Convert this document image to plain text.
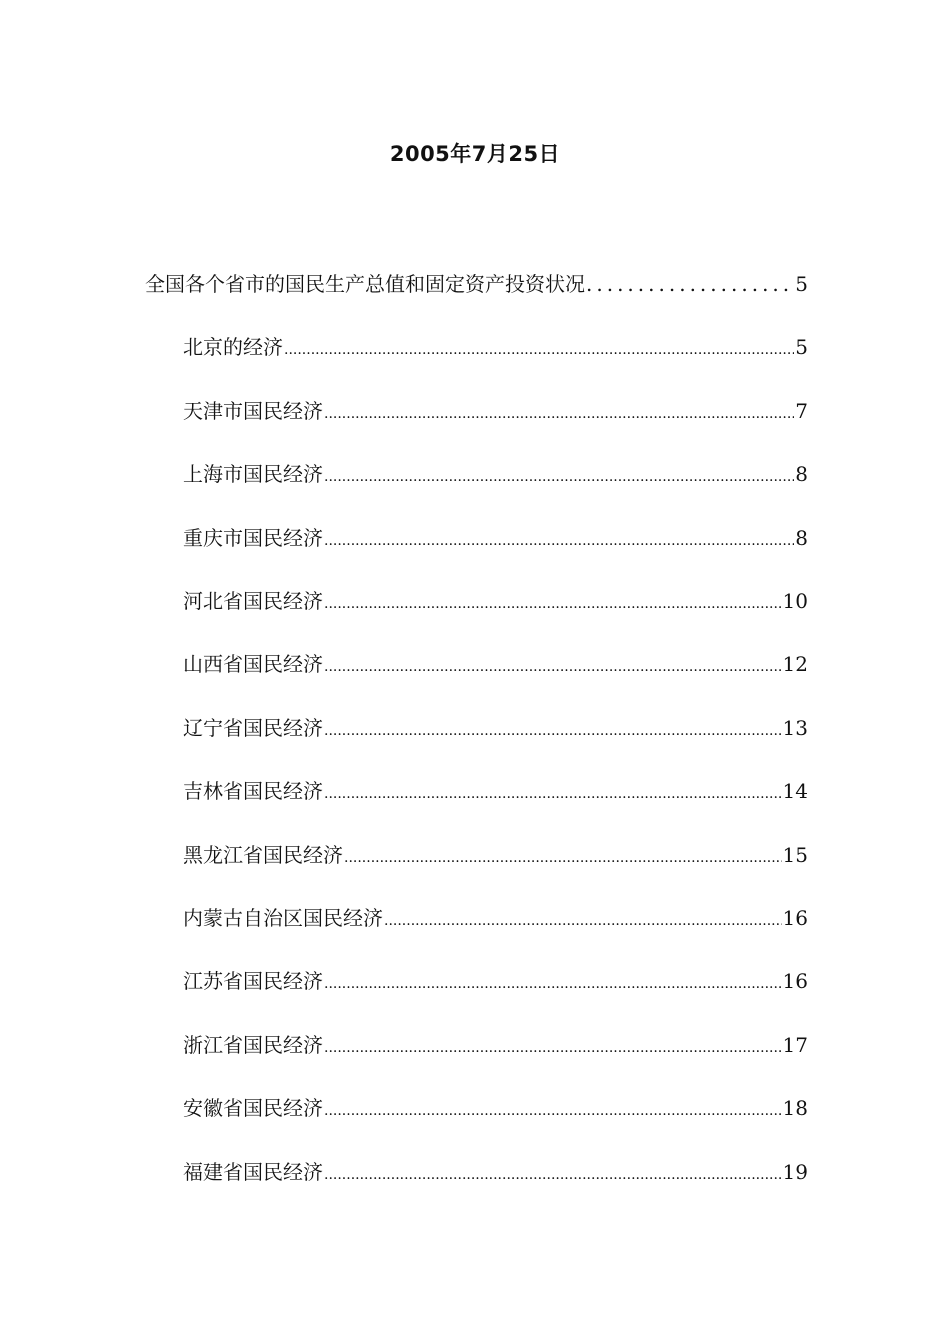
2005年7月25日
全国各个省市的国民生产总值和固定资产投资状况 .....	5
北京的经济 .....	5
天津市国民经济 .....	7
上海市国民经济 .....	8
重庆市国民经济 .....	8
河北省国民经济 .....	10
山西省国民经济 .....	12
辽宁省国民经济 .....	13
吉林省国民经济 .....	14
黑龙江省国民经济 .....	15
内蒙古自治区国民经济 .....	16
江苏省国民经济 .....	16
浙江省国民经济 .....	17
安徽省国民经济 .....	18
福建省国民经济 .....	19
